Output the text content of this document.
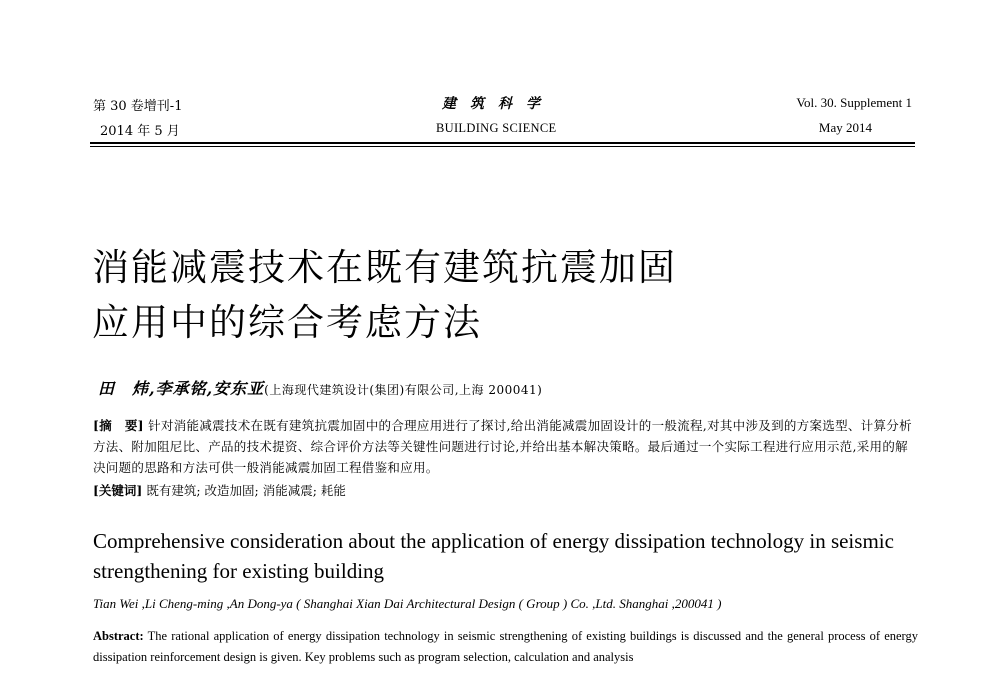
第 30 卷增刊-1
2014 年 5 月
建筑科学
BUILDING SCIENCE
Vol. 30. Supplement 1
May 2014
消能减震技术在既有建筑抗震加固
应用中的综合考虑方法
田　炜,李承铭,安东亚(上海现代建筑设计(集团)有限公司,上海 200041)
[摘　要] 针对消能减震技术在既有建筑抗震加固中的合理应用进行了探讨,给出消能减震加固设计的一般流程,对其中涉及到的方案选型、计算分析方法、附加阻尼比、产品的技术提资、综合评价方法等关键性问题进行讨论,并给出基本解决策略。最后通过一个实际工程进行应用示范,采用的解决问题的思路和方法可供一般消能减震加固工程借鉴和应用。
[关键词] 既有建筑; 改造加固; 消能减震; 耗能
Comprehensive consideration about the application of energy dissipation technology in seismic strengthening for existing building
Tian Wei ,Li Cheng-ming ,An Dong-ya ( Shanghai Xian Dai Architectural Design ( Group ) Co. ,Ltd. Shanghai ,200041 )
Abstract: The rational application of energy dissipation technology in seismic strengthening of existing buildings is discussed and the general process of energy dissipation reinforcement design is given. Key problems such as program selection, calculation and analysis
